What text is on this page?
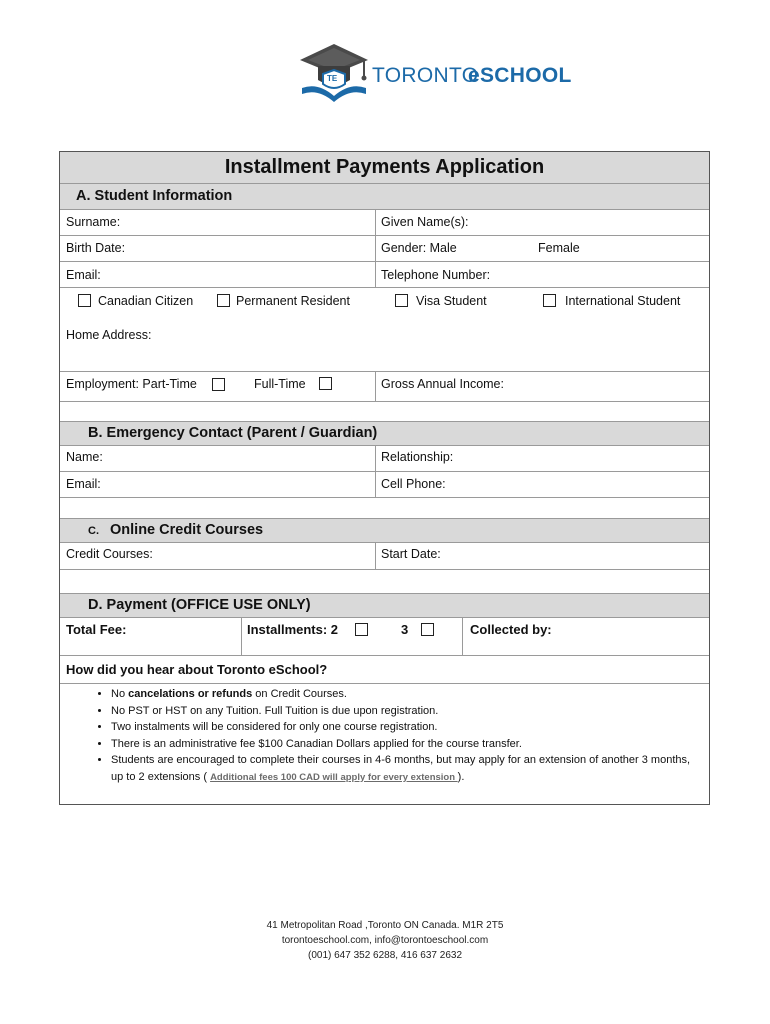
TE TORONTO
eSCHOOL
Installment Payments Application
A. Student Information
Surname:	Given Name(s):
Birth Date:	Gender: Male	Female
Email:	Telephone Number:
Canadian Citizen	Permanent Resident	Visa Student	International Student
Home Address:
Employment: Part-Time	Full-Time	Gross Annual Income:
B. Emergency Contact (Parent / Guardian)
Name:	Relationship:
Email:	Cell Phone:
C. Online Credit Courses
Credit Courses:	Start Date:
D. Payment (OFFICE USE ONLY)
Total Fee:	Installments: 2	3	Collected by:
How did you hear about Toronto eSchool?
• No cancelations or refunds on Credit Courses.
• No PST or HST on any Tuition. Full Tuition is due upon registration.
• Two instalments will be considered for only one course registration.
• There is an administrative fee $100 Canadian Dollars applied for the course transfer.
• Students are encouraged to complete their courses in 4-6 months, but may apply for an extension of another 3 months, up to 2 extensions ( Additional fees 100 CAD will apply for every extension ).
41 Metropolitan Road ,Toronto ON Canada. M1R 2T5
torontoeschool.com, info@torontoeschool.com
(001) 647 352 6288, 416 637 2632
